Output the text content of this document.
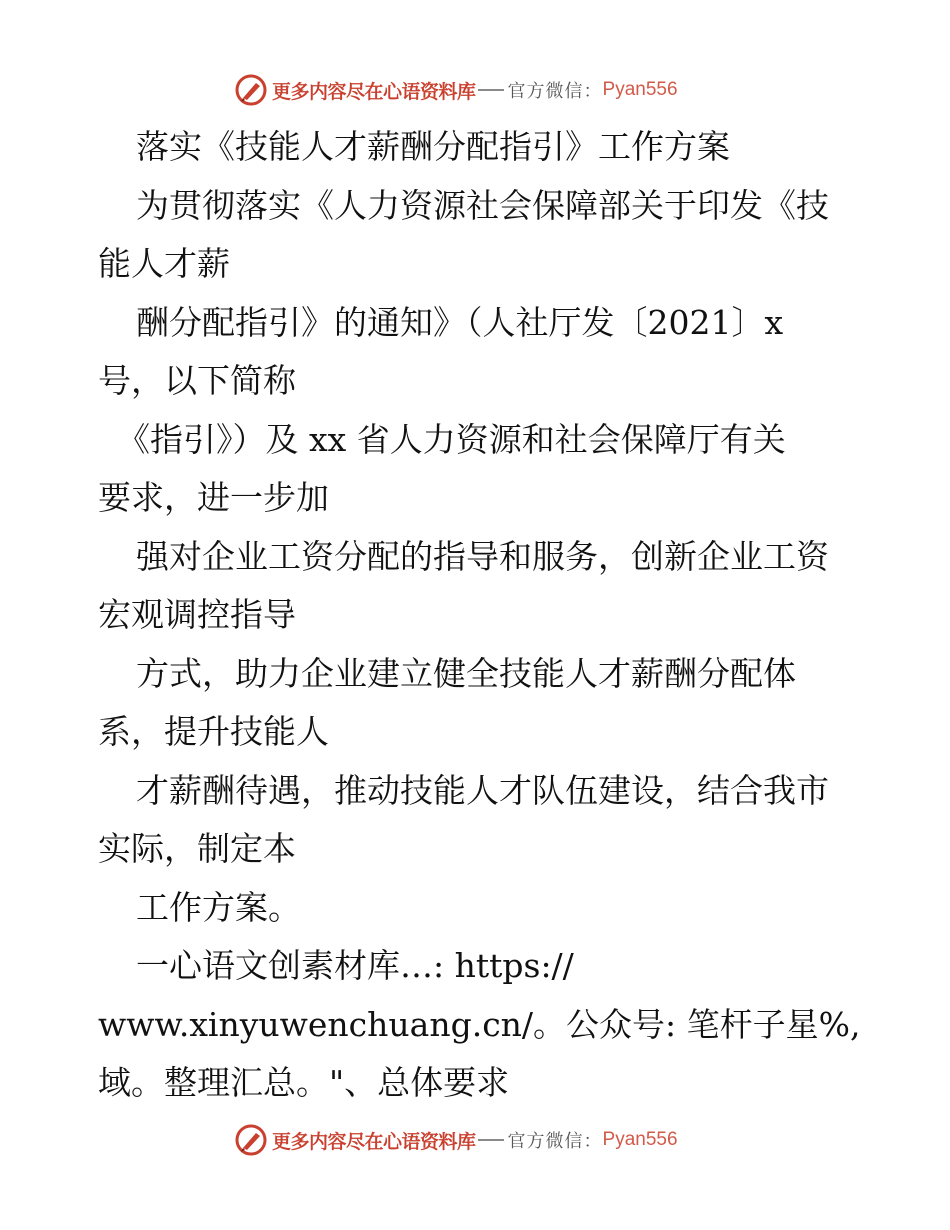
更多内容尽在心语资料库 官方微信： Pyan556

落实《技能人才薪酬分配指引》工作方案

为贯彻落实《人力资源社会保障部关于印发《技

能人才薪

酬分配指引》的通知》（人社厅发〔2021〕x

号，以下简称

《指引》）及 xx 省人力资源和社会保障厅有关

要求，进一步加

强对企业工资分配的指导和服务，创新企业工资

宏观调控指导

方式，助力企业建立健全技能人才薪酬分配体

系，提升技能人

才薪酬待遇，推动技能人才队伍建设，结合我市

实际，制定本

工作方案。

一心语文创素材库…: https://

www.xinyuwenchuang.cn/。公众号: 笔杆子星%,

域。整理汇总。"、总体要求

更多内容尽在心语资料库 官方微信： Pyan556
